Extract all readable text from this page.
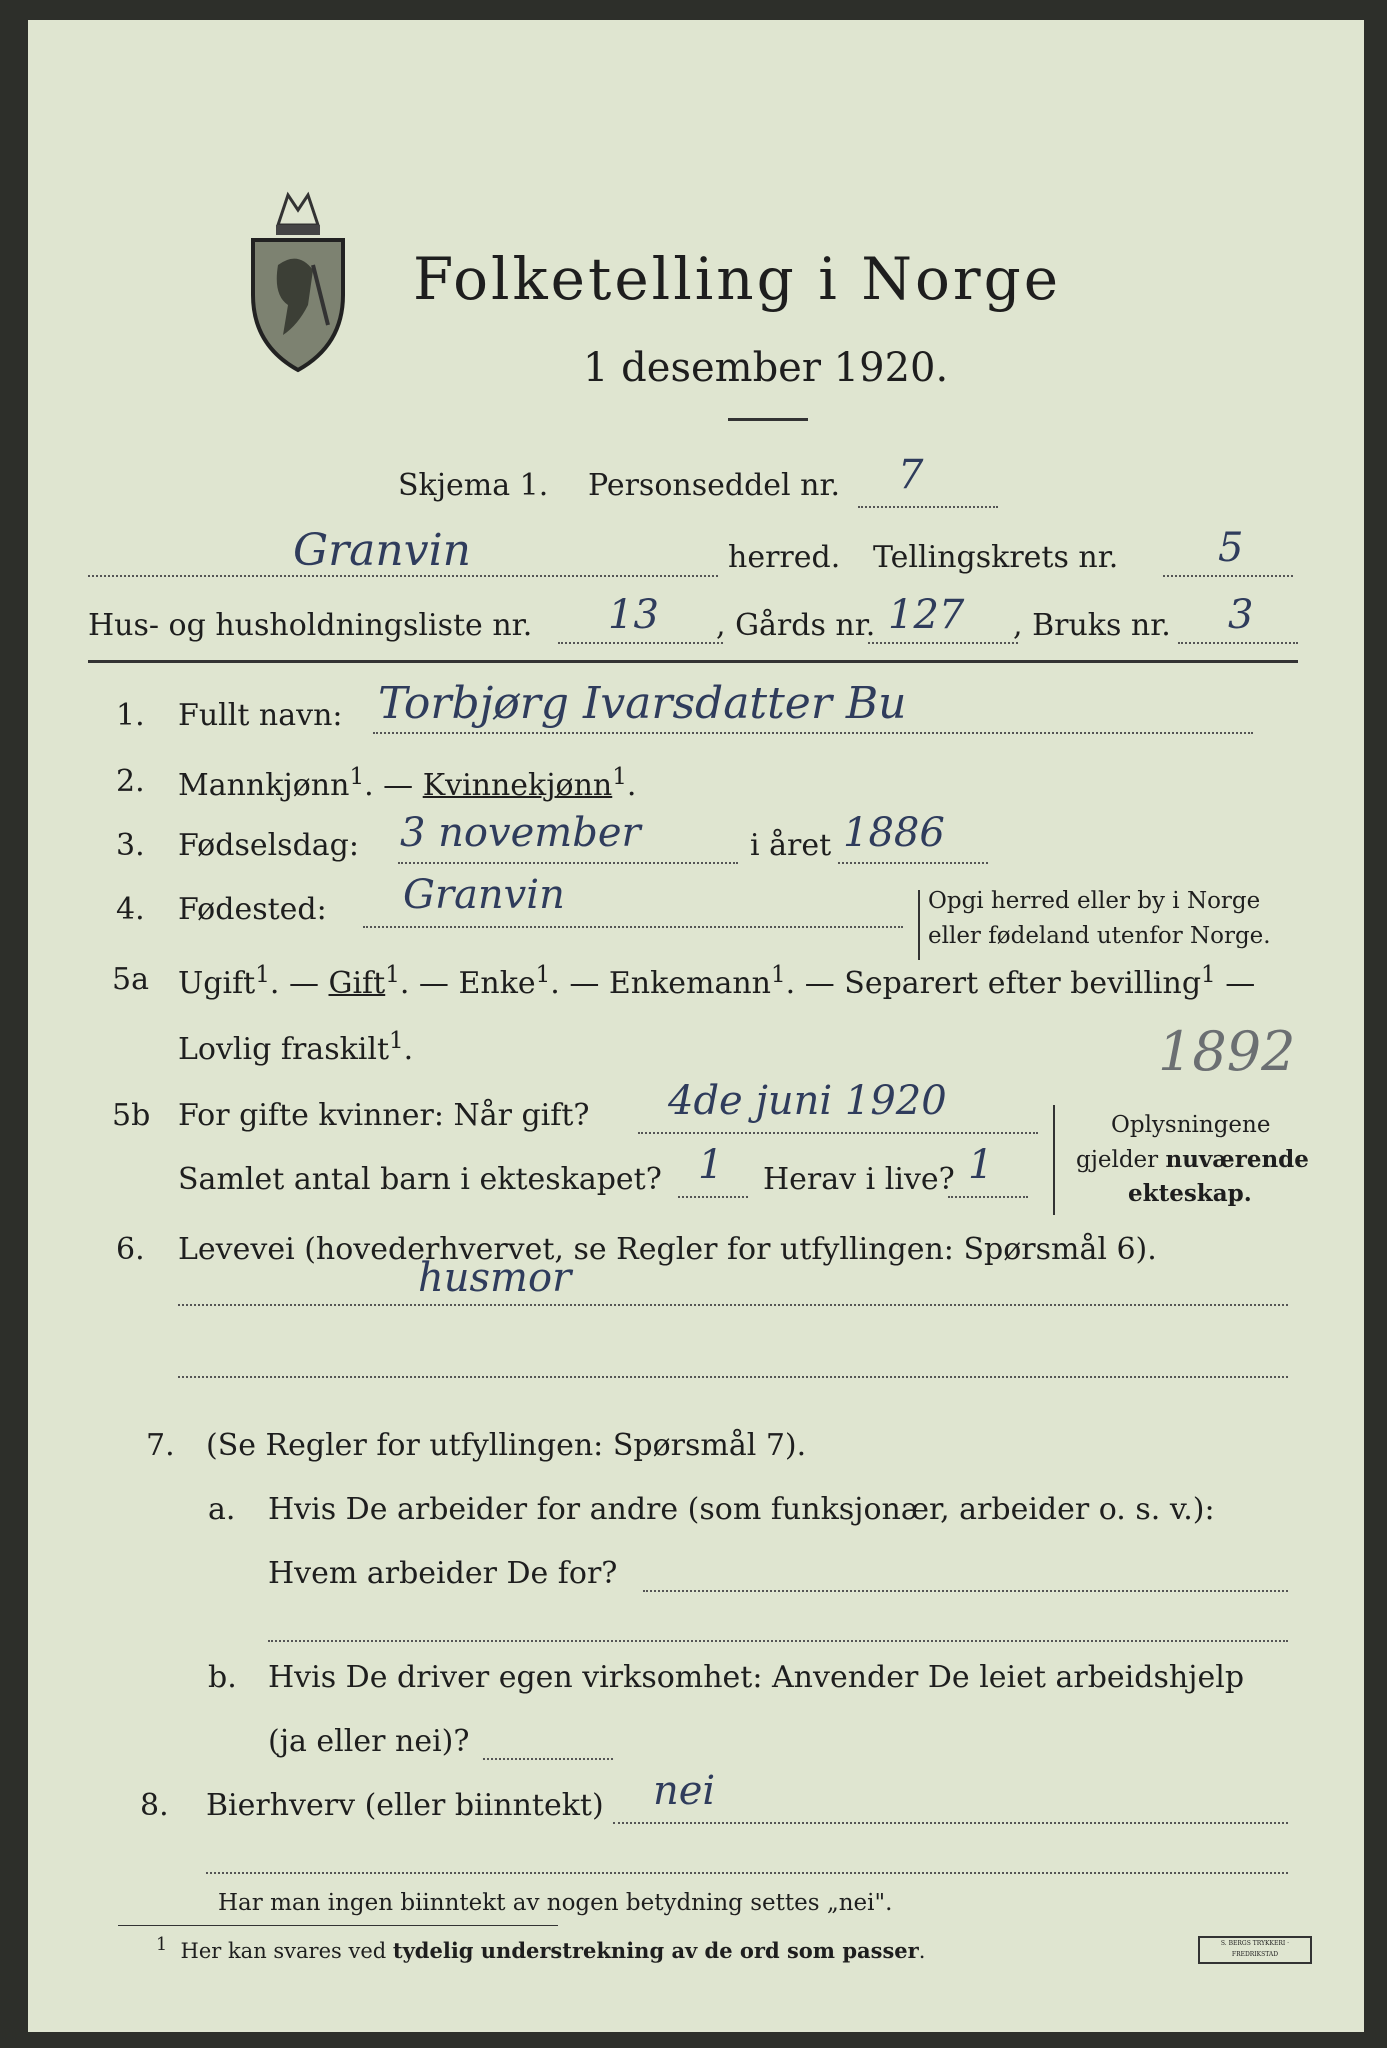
Folketelling i Norge
1 desember 1920.
Skjema 1. Personseddel nr. 7
Granvin	herred. Tellingskrets nr. 5
Hus- og husholdningsliste nr. 13 , Gårds nr. 127 , Bruks nr. 3
1. Fullt navn: Torbjørg Ivarsdatter Bu
2. Mannkjønn$^1$. — Kvinnekjønn$^1$.
3. Fødselsdag: 3 november	i året 1886
4. Fødested: Granvin	Opgi herred eller by i Norge
eller fødeland utenfor Norge.
5a Ugift$^1$. — Gift$^1$. — Enke$^1$. — Enkemann$^1$. — Separert efter bevilling$^1$ —
Lovlig fraskilt$^1$.	1892
5b For gifte kvinner: Når gift? 4de juni 1920
Samlet antal barn i ekteskapet? 1 Herav i live? 1
Oplysningene
gjelder nuværende
ekteskap.
6. Levevei (hovederhvervet, se Regler for utfyllingen: Spørsmål 6).
husmor
7. (Se Regler for utfyllingen: Spørsmål 7).
a. Hvis De arbeider for andre (som funksjonær, arbeider o. s. v.):
Hvem arbeider De for?
b. Hvis De driver egen virksomhet: Anvender De leiet arbeidshjelp
(ja eller nei)?
8. Bierhverv (eller biinntekt) nei
Har man ingen biinntekt av nogen betydning settes „nei".
$^1$ Her kan svares ved tydelig understrekning av de ord som passer.	S. BERGS TRYKKERI · FREDRIKSTAD
